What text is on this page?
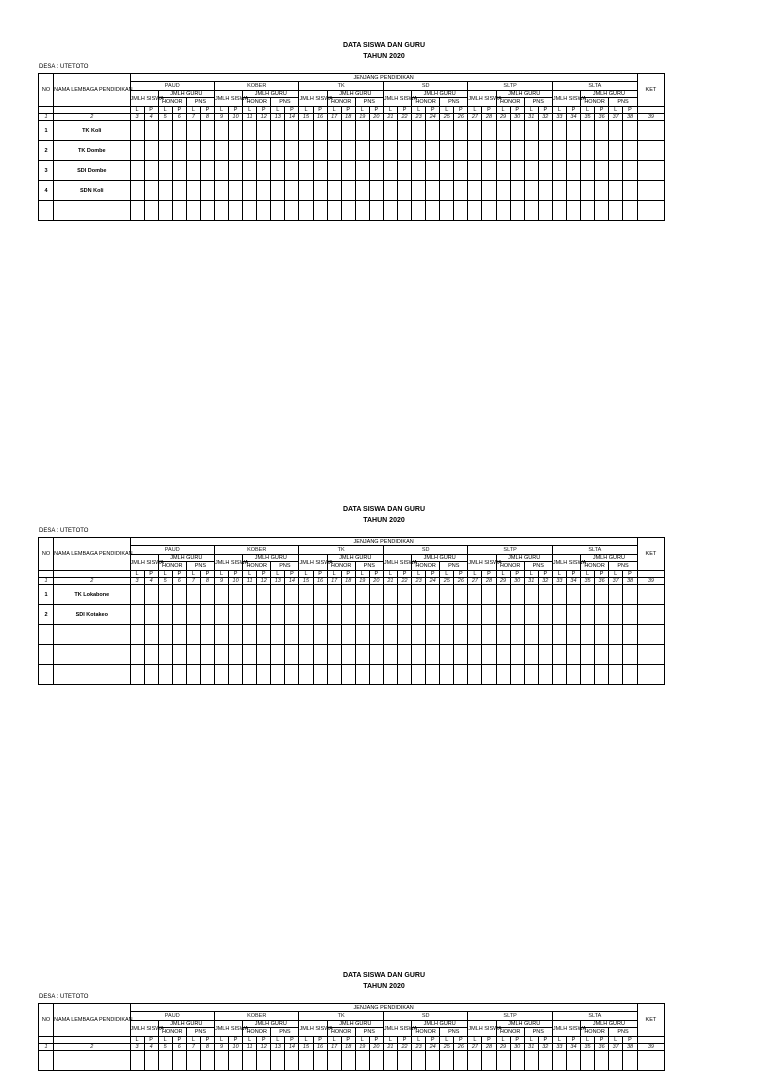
DATA SISWA DAN GURU
TAHUN 2020
DESA : UTETOTO
NO	NAMA LEMBAGA PENDIDIKAN	JENJANG PENDIDIKAN																																				KET
		PAUD						KOBER						TK						SD						SLTP						SLTA						
		JMLH SISWA		JMLH GURU				JMLH SISWA		JMLH GURU				JMLH SISWA		JMLH GURU				JMLH SISWA		JMLH GURU				JMLH SISWA		JMLH GURU				JMLH SISWA		JMLH GURU				
				HONOR		PNS				HONOR		PNS				HONOR		PNS				HONOR		PNS				HONOR		PNS				HONOR		PNS		
		L	P	L	P	L	P	L	P	L	P	L	P	L	P	L	P	L	P	L	P	L	P	L	P	L	P	L	P	L	P	L	P	L	P	L	P	
1	2	3	4	5	6	7	8	9	10	11	12	13	14	15	16	17	18	19	20	21	22	23	24	25	26	27	28	29	30	31	32	33	34	35	36	37	38	39
1	TK Koli																																					
2	TK Dombe																																					
3	SDI Dombe																																					
4	SDN Koli																																					

DATA SISWA DAN GURU
TAHUN 2020
DESA : UTETOTO
NO	NAMA LEMBAGA PENDIDIKAN	JENJANG PENDIDIKAN																																				KET
		PAUD						KOBER						TK						SD						SLTP						SLTA						
		JMLH SISWA		JMLH GURU				JMLH SISWA		JMLH GURU				JMLH SISWA		JMLH GURU				JMLH SISWA		JMLH GURU				JMLH SISWA		JMLH GURU				JMLH SISWA		JMLH GURU				
				HONOR		PNS				HONOR		PNS				HONOR		PNS				HONOR		PNS				HONOR		PNS				HONOR		PNS		
		L	P	L	P	L	P	L	P	L	P	L	P	L	P	L	P	L	P	L	P	L	P	L	P	L	P	L	P	L	P	L	P	L	P	L	P	
1	2	3	4	5	6	7	8	9	10	11	12	13	14	15	16	17	18	19	20	21	22	23	24	25	26	27	28	29	30	31	32	33	34	35	36	37	38	39
1	TK Lokabone																																					
2	SDI Kotakeo																																					

DATA SISWA DAN GURU
TAHUN 2020
DESA : UTETOTO
NO	NAMA LEMBAGA PENDIDIKAN	JENJANG PENDIDIKAN																																				KET
		PAUD						KOBER						TK						SD						SLTP						SLTA						
		JMLH SISWA		JMLH GURU				JMLH SISWA		JMLH GURU				JMLH SISWA		JMLH GURU				JMLH SISWA		JMLH GURU				JMLH SISWA		JMLH GURU				JMLH SISWA		JMLH GURU				
				HONOR		PNS				HONOR		PNS				HONOR		PNS				HONOR		PNS				HONOR		PNS				HONOR		PNS		
		L	P	L	P	L	P	L	P	L	P	L	P	L	P	L	P	L	P	L	P	L	P	L	P	L	P	L	P	L	P	L	P	L	P	L	P	
1	2	3	4	5	6	7	8	9	10	11	12	13	14	15	16	17	18	19	20	21	22	23	24	25	26	27	28	29	30	31	32	33	34	35	36	37	38	39
